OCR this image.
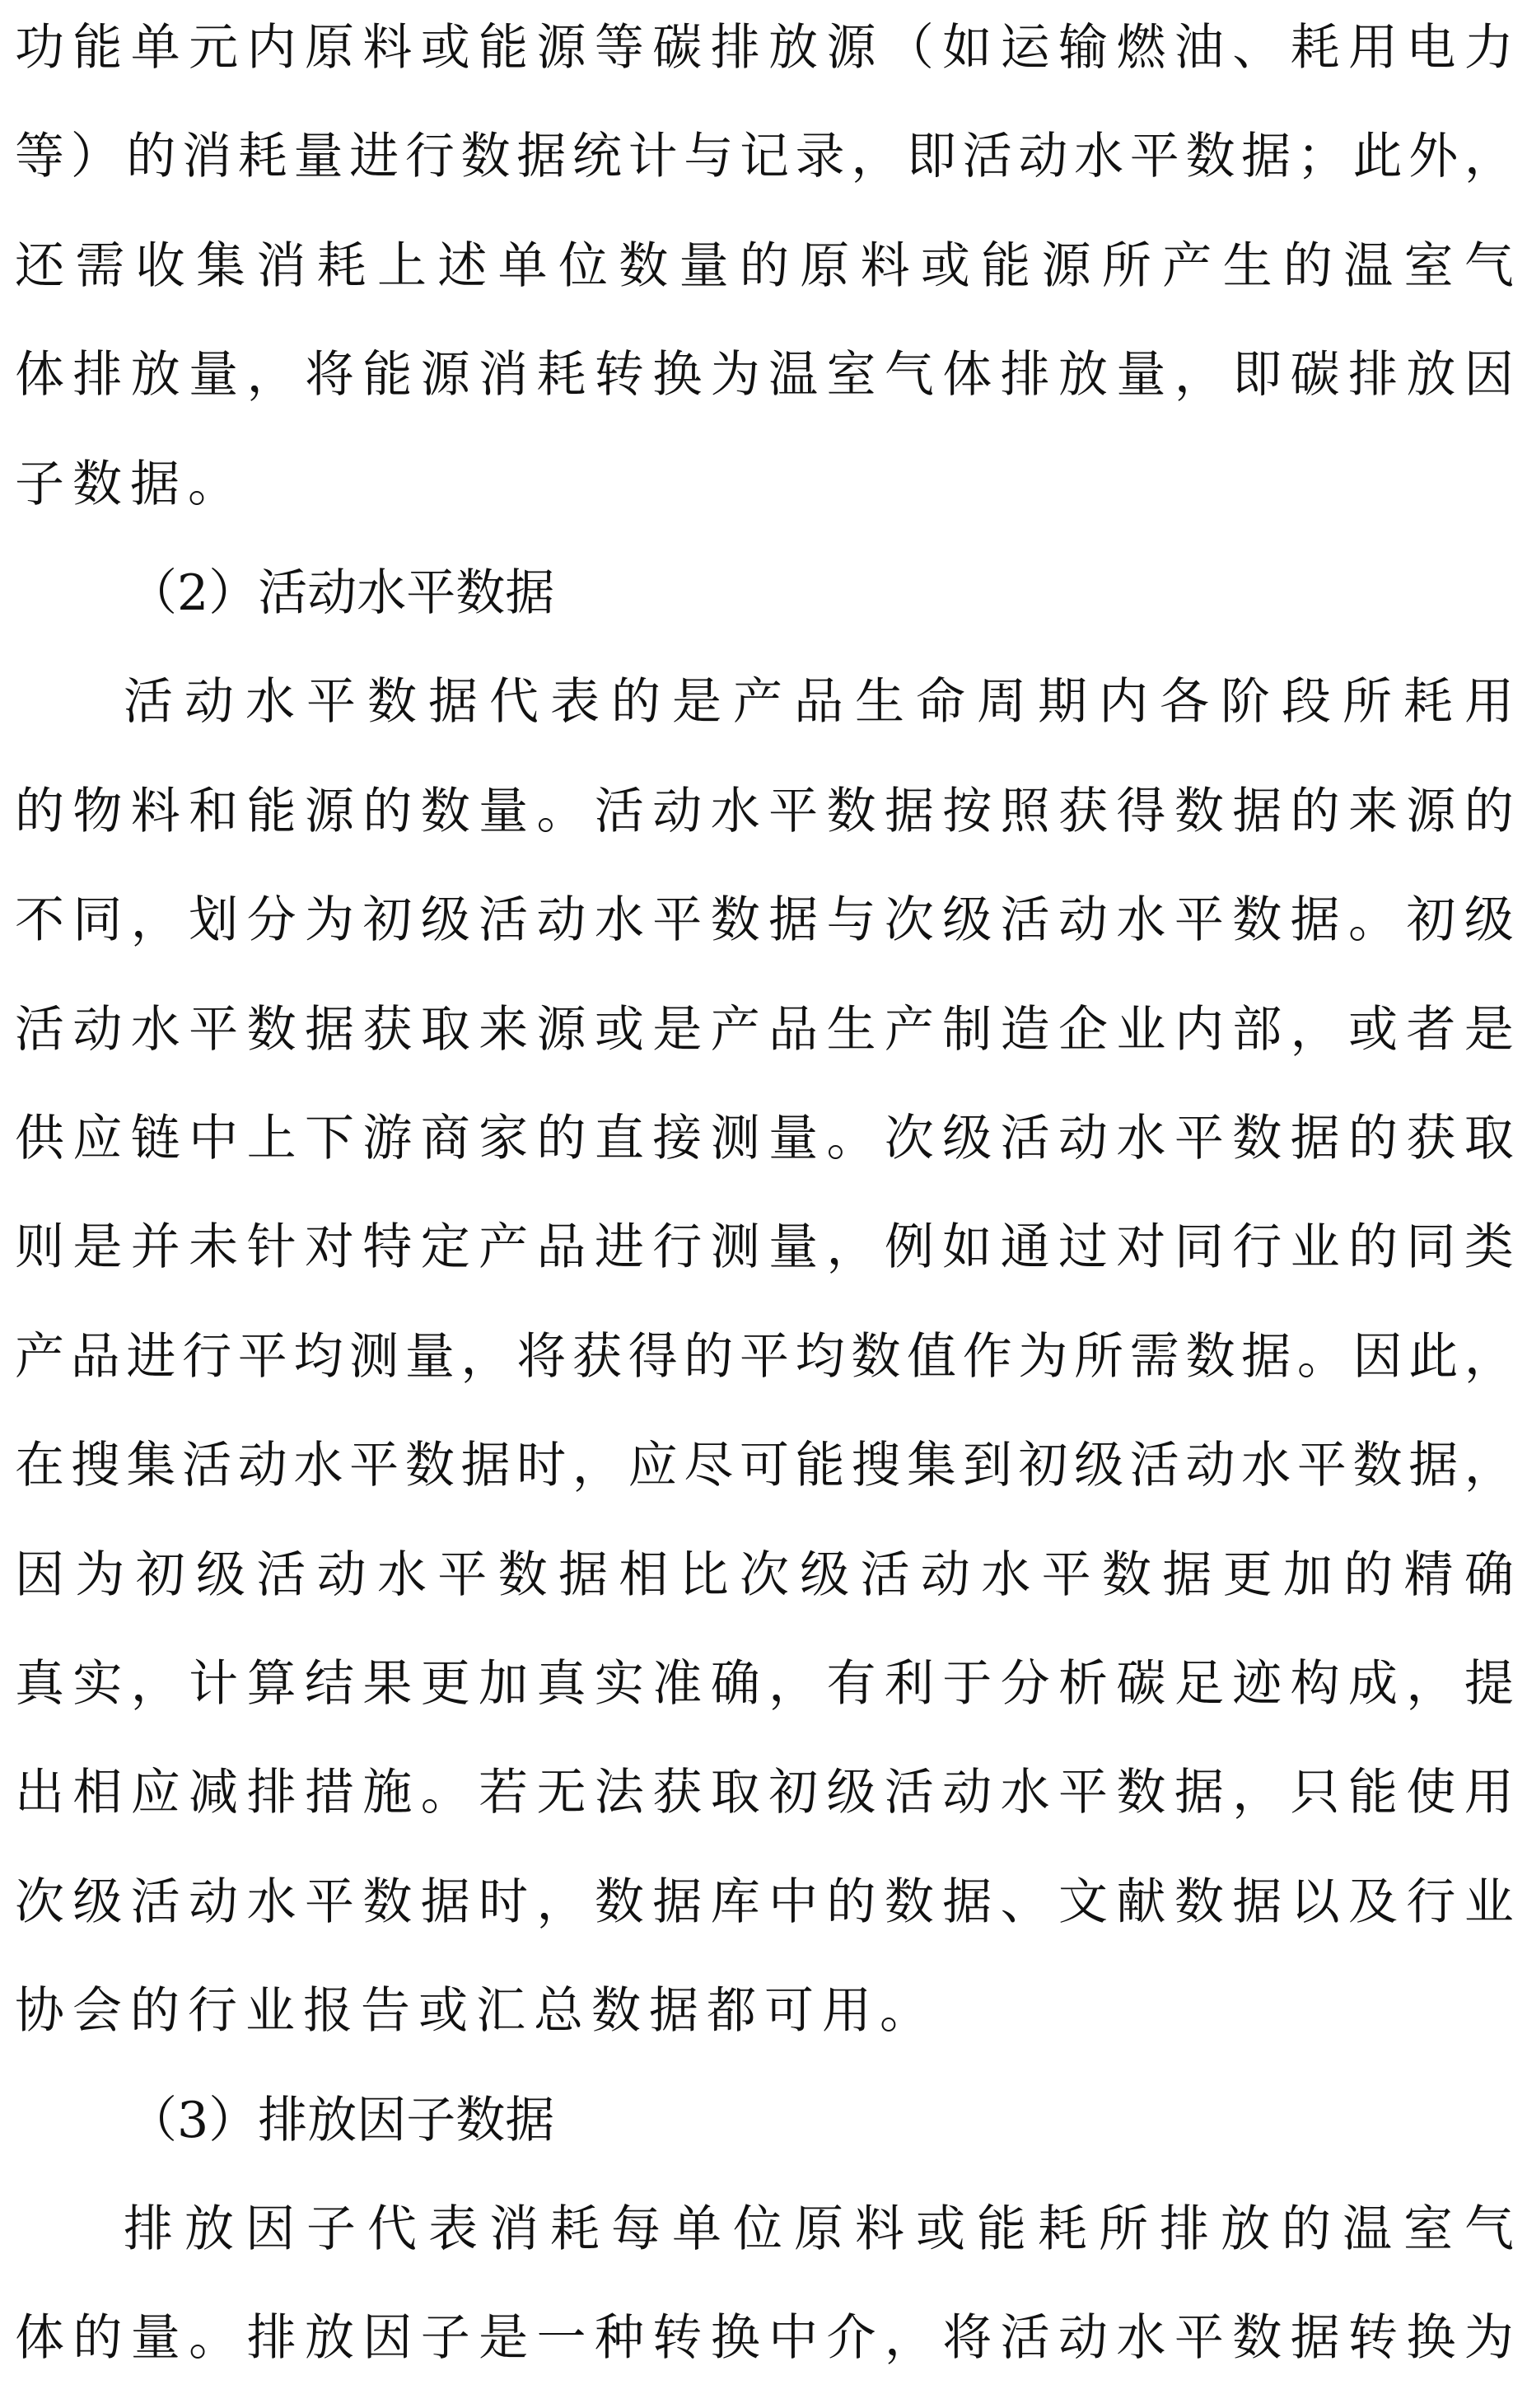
功 能 单 元 内 原 料 或 能 源 等 碳 排 放 源 （ 如 运 输 燃 油 、 耗 用 电 力
等 ） 的 消 耗 量 进 行 数 据 统 计 与 记 录 ， 即 活 动 水 平 数 据 ； 此 外 ，
还 需 收 集 消 耗 上 述 单 位 数 量 的 原 料 或 能 源 所 产 生 的 温 室 气
体 排 放 量 ， 将 能 源 消 耗 转 换 为 温 室 气 体 排 放 量 ， 即 碳 排 放 因
子 数 据 。
（ 2 ） 活 动 水 平 数 据
活 动 水 平 数 据 代 表 的 是 产 品 生 命 周 期 内 各 阶 段 所 耗 用
的 物 料 和 能 源 的 数 量 。 活 动 水 平 数 据 按 照 获 得 数 据 的 来 源 的
不 同 ， 划 分 为 初 级 活 动 水 平 数 据 与 次 级 活 动 水 平 数 据 。 初 级
活 动 水 平 数 据 获 取 来 源 或 是 产 品 生 产 制 造 企 业 内 部 ， 或 者 是
供 应 链 中 上 下 游 商 家 的 直 接 测 量 。 次 级 活 动 水 平 数 据 的 获 取
则 是 并 未 针 对 特 定 产 品 进 行 测 量 ， 例 如 通 过 对 同 行 业 的 同 类
产 品 进 行 平 均 测 量 ， 将 获 得 的 平 均 数 值 作 为 所 需 数 据 。 因 此 ，
在 搜 集 活 动 水 平 数 据 时 ， 应 尽 可 能 搜 集 到 初 级 活 动 水 平 数 据 ，
因 为 初 级 活 动 水 平 数 据 相 比 次 级 活 动 水 平 数 据 更 加 的 精 确
真 实 ， 计 算 结 果 更 加 真 实 准 确 ， 有 利 于 分 析 碳 足 迹 构 成 ， 提
出 相 应 减 排 措 施 。 若 无 法 获 取 初 级 活 动 水 平 数 据 ， 只 能 使 用
次 级 活 动 水 平 数 据 时 ， 数 据 库 中 的 数 据 、 文 献 数 据 以 及 行 业
协 会 的 行 业 报 告 或 汇 总 数 据 都 可 用 。
（ 3 ） 排 放 因 子 数 据
排 放 因 子 代 表 消 耗 每 单 位 原 料 或 能 耗 所 排 放 的 温 室 气
体 的 量 。 排 放 因 子 是 一 种 转 换 中 介 ， 将 活 动 水 平 数 据 转 换 为
